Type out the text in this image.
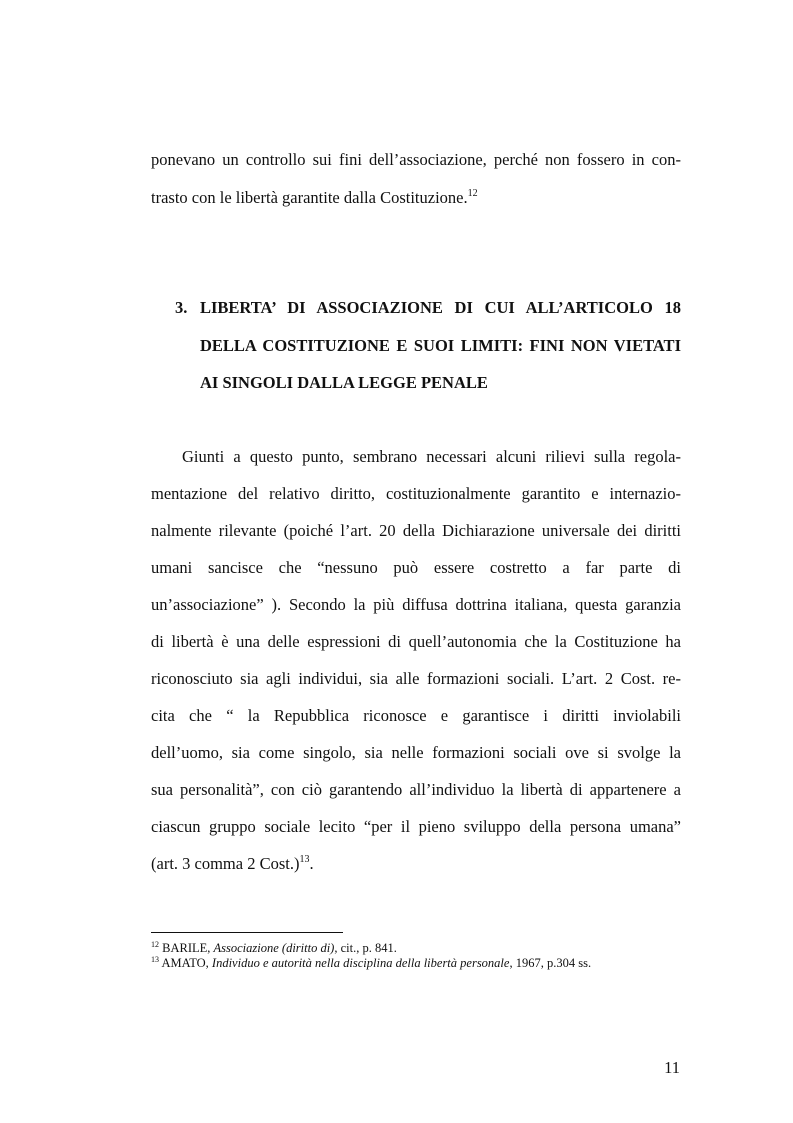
ponevano un controllo sui fini dell’associazione, perché non fossero in con-
trasto con le libertà garantite dalla Costituzione.$^{12}$
3. LIBERTA’ DI ASSOCIAZIONE DI CUI ALL’ARTICOLO 18
DELLA COSTITUZIONE E SUOI LIMITI: FINI NON VIETATI
AI SINGOLI DALLA LEGGE PENALE
Giunti a questo punto, sembrano necessari alcuni rilievi sulla regola-
mentazione del relativo diritto, costituzionalmente garantito e internazio-
nalmente rilevante (poiché l’art. 20 della Dichiarazione universale dei diritti
umani sancisce che “nessuno può essere costretto a far parte di
un’associazione” ). Secondo la più diffusa dottrina italiana, questa garanzia
di libertà è una delle espressioni di quell’autonomia che la Costituzione ha
riconosciuto sia agli individui, sia alle formazioni sociali. L’art. 2 Cost. re-
cita che “ la Repubblica riconosce e garantisce i diritti inviolabili
dell’uomo, sia come singolo, sia nelle formazioni sociali ove si svolge la
sua personalità”, con ciò garantendo all’individuo la libertà di appartenere a
ciascun gruppo sociale lecito “per il pieno sviluppo della persona umana”
(art. 3 comma 2 Cost.)$^{13}$.
$^{12}$ BARILE, Associazione (diritto di), cit., p. 841.
$^{13}$ AMATO, Individuo e autorità nella disciplina della libertà personale, 1967, p.304 ss.
11
